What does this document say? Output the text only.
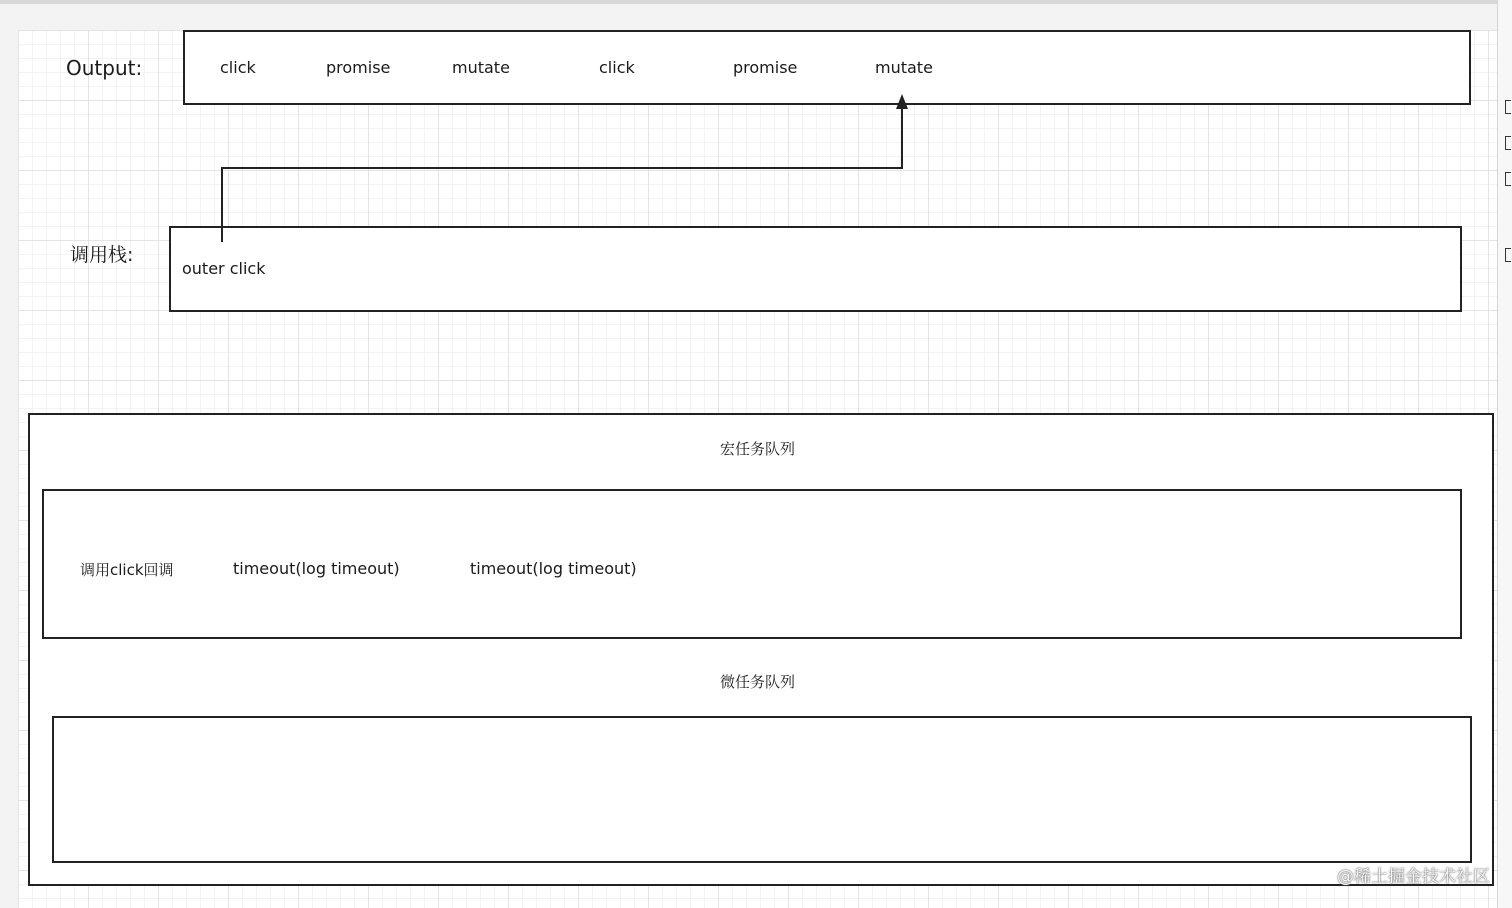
Output:	click	promise	mutate	click	promise	mutate
调用栈:
outer click
宏任务队列
调用click回调	timeout(log timeout)	timeout(log timeout)
微任务队列
@稀土掘金技术社区
